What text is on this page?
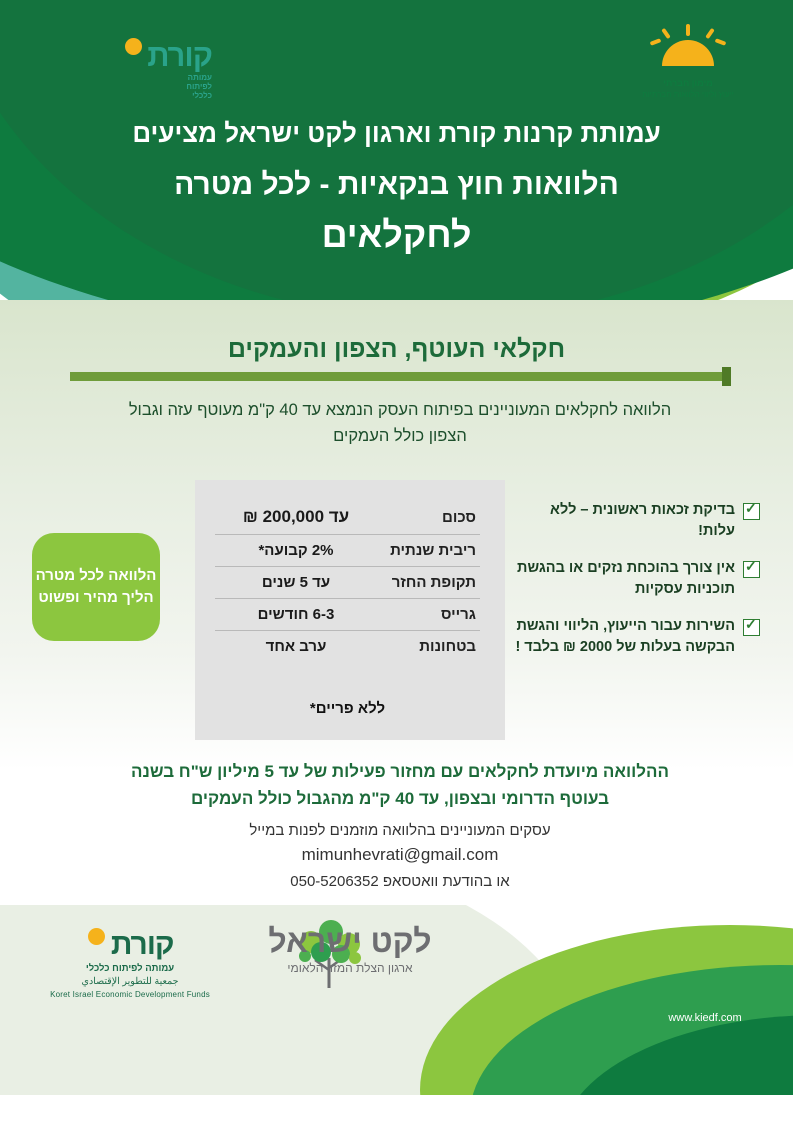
קורת
עמותה
לפיתוח
כלכלי
מימון חברתי
ייעוץ וליווי הלוואות חברתיות
עמותת קרנות קורת וארגון לקט ישראל מציעים
הלוואות חוץ בנקאיות - לכל מטרה
לחקלאים
חקלאי העוטף, הצפון והעמקים
הלוואה לחקלאים המעוניינים בפיתוח העסק הנמצא עד 40 ק"מ מעוטף עזה וגבול הצפון כולל העמקים
הלוואה לכל מטרה
הליך מהיר ופשוט
סכום	עד 200,000 ₪
ריבית שנתית	2% קבועה*
תקופת החזר	עד 5 שנים
גרייס	6-3 חודשים
בטחונות	ערב אחד
ללא פריים*
✓
בדיקת זכאות ראשונית – ללא עלות!
✓
אין צורך בהוכחת נזקים או בהגשת תוכניות עסקיות
✓
השירות עבור הייעוץ, הליווי והגשת הבקשה בעלות של 2000 ₪ בלבד !
ההלוואה מיועדת לחקלאים עם מחזור פעילות של עד 5 מיליון ש"ח בשנה
בעוטף הדרומי ובצפון, עד 40 ק"מ מהגבול כולל העמקים
עסקים המעוניינים בהלוואה מוזמנים לפנות במייל
mimunhevrati@gmail.com
או בהודעת וואטסאפ 050-5206352
קורת
עמותה לפיתוח כלכלי
جمعية للتطوير الإقتصادي
Koret Israel Economic Development Funds
לקט ישראל
ארגון הצלת המזון הלאומי
www.kiedf.com
